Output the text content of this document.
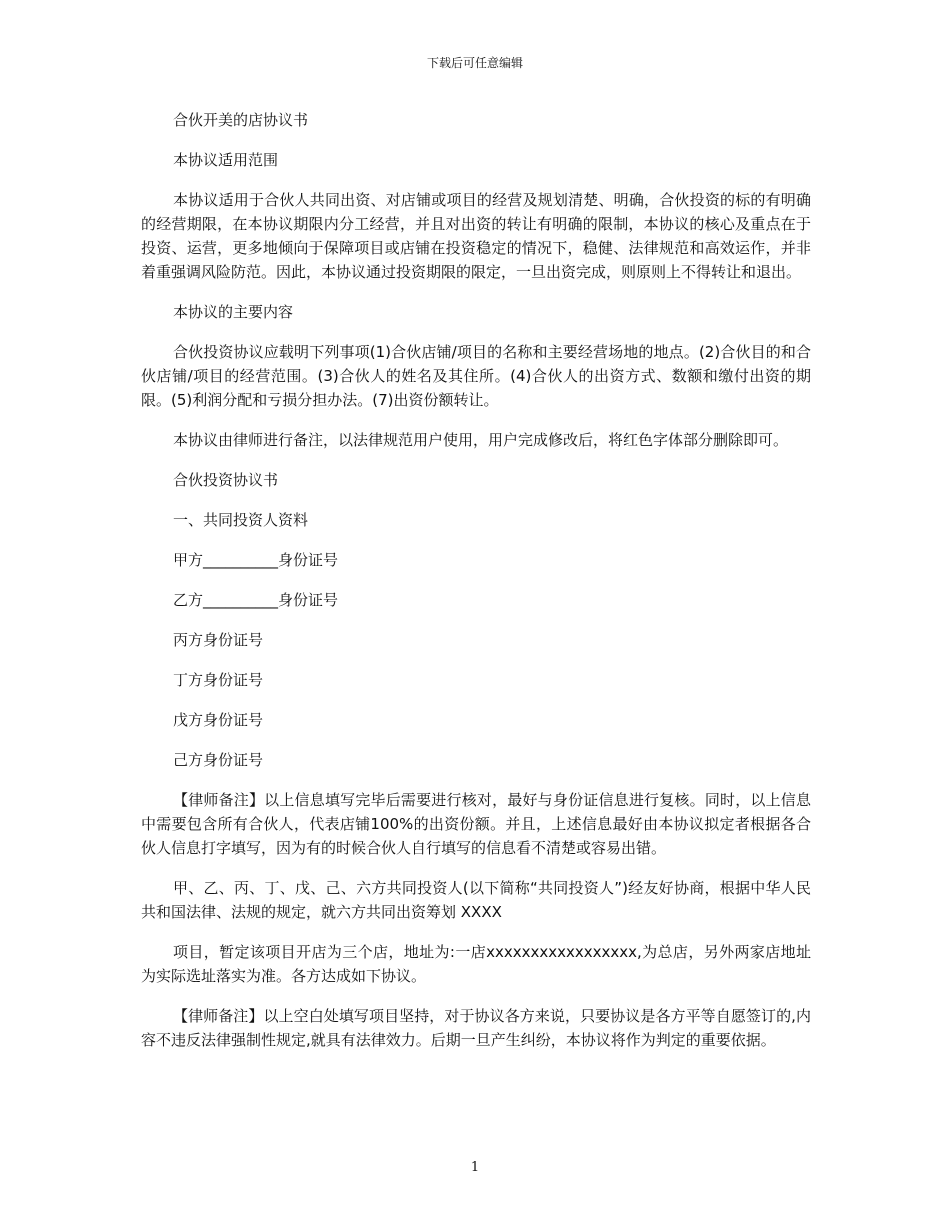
下载后可任意编辑

合伙开美的店协议书

本协议适用范围

本协议适用于合伙人共同出资、对店铺或项目的经营及规划清楚、明确，合伙投资的标的有明确的经营期限，在本协议期限内分工经营，并且对出资的转让有明确的限制，本协议的核心及重点在于投资、运营，更多地倾向于保障项目或店铺在投资稳定的情况下，稳健、法律规范和高效运作，并非着重强调风险防范。因此，本协议通过投资期限的限定，一旦出资完成，则原则上不得转让和退出。

本协议的主要内容

合伙投资协议应载明下列事项(1)合伙店铺/项目的名称和主要经营场地的地点。(2)合伙目的和合伙店铺/项目的经营范围。(3)合伙人的姓名及其住所。(4)合伙人的出资方式、数额和缴付出资的期限。(5)利润分配和亏损分担办法。(7)出资份额转让。

本协议由律师进行备注，以法律规范用户使用，用户完成修改后，将红色字体部分删除即可。

合伙投资协议书

一、共同投资人资料

甲方__________身份证号

乙方__________身份证号

丙方身份证号

丁方身份证号

戊方身份证号

己方身份证号

【律师备注】以上信息填写完毕后需要进行核对，最好与身份证信息进行复核。同时，以上信息中需要包含所有合伙人，代表店铺100%的出资份额。并且，上述信息最好由本协议拟定者根据各合伙人信息打字填写，因为有的时候合伙人自行填写的信息看不清楚或容易出错。

甲、乙、丙、丁、戊、己、六方共同投资人(以下简称“共同投资人”)经友好协商，根据中华人民共和国法律、法规的规定，就六方共同出资筹划 XXXX

项目，暂定该项目开店为三个店，地址为:一店xxxxxxxxxxxxxxxxx,为总店，另外两家店地址为实际选址落实为准。各方达成如下协议。

【律师备注】以上空白处填写项目坚持，对于协议各方来说，只要协议是各方平等自愿签订的,内容不违反法律强制性规定,就具有法律效力。后期一旦产生纠纷，本协议将作为判定的重要依据。

1
